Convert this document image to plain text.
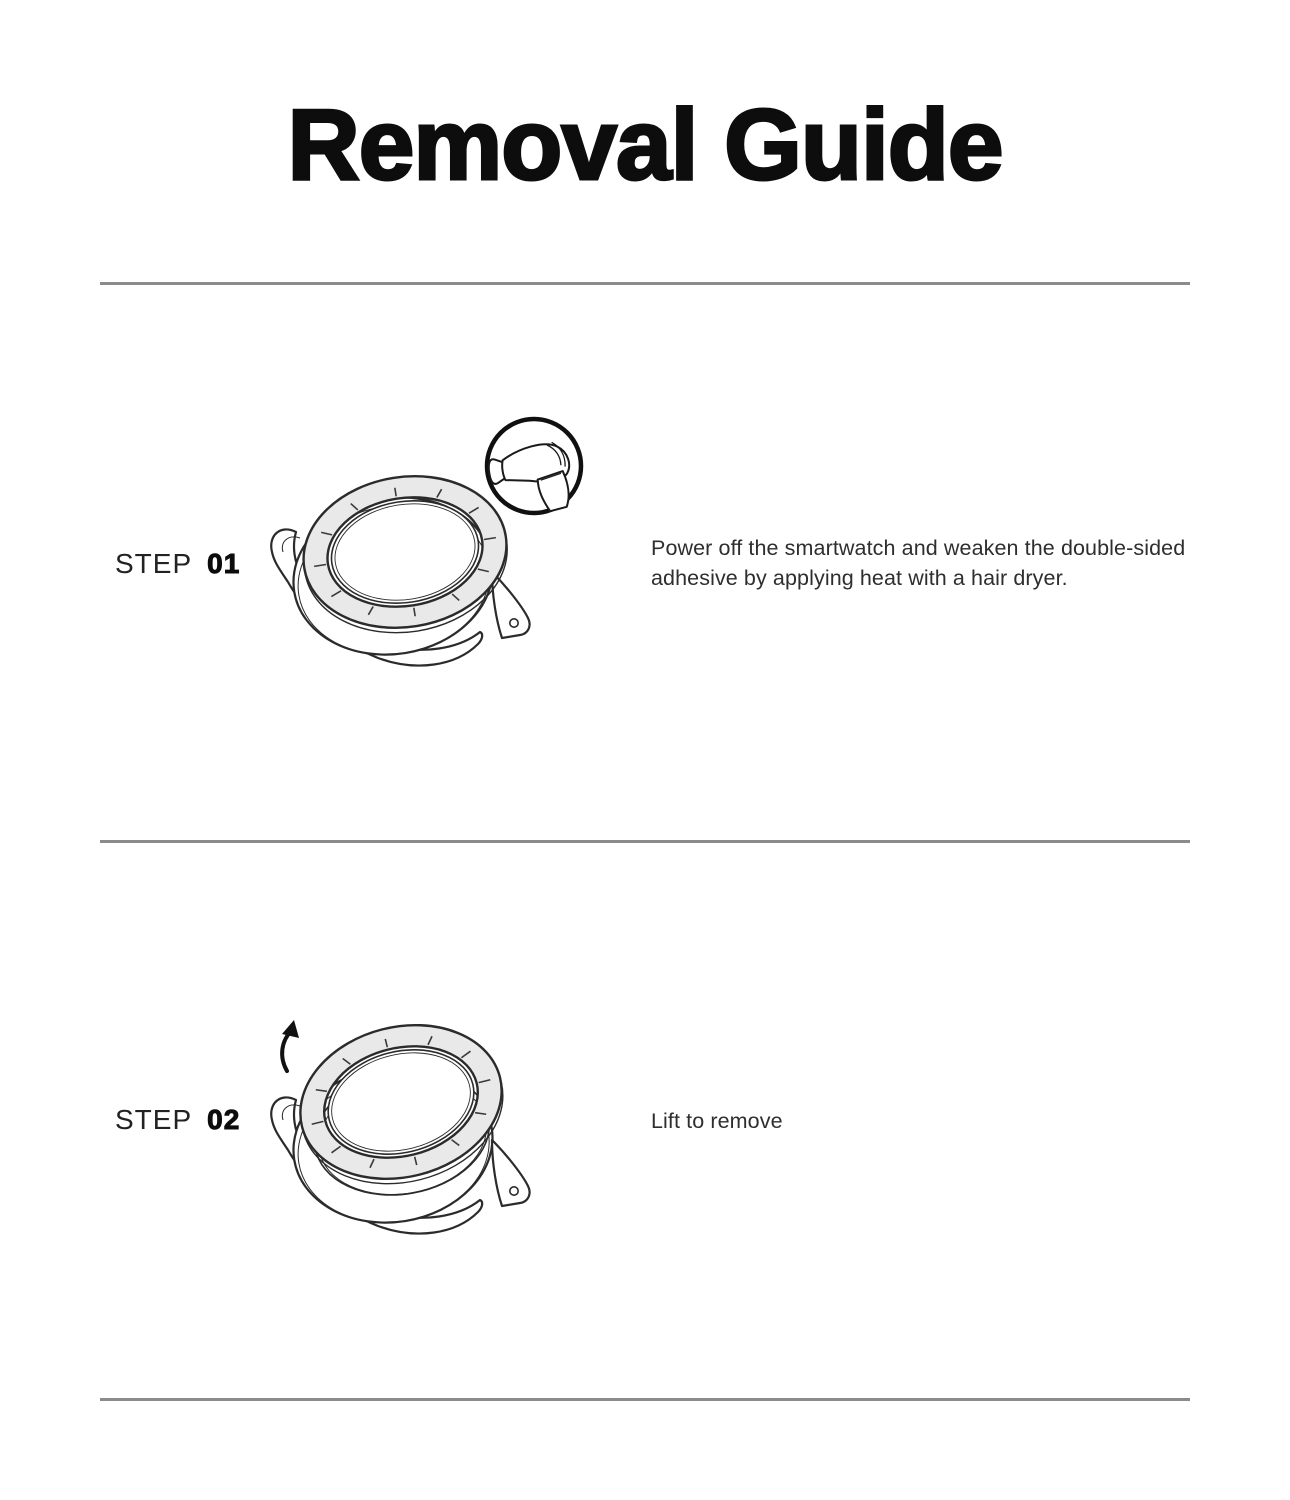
Removal Guide
STEP 01	Power off the smartwatch and weaken the double-sided
adhesive by applying heat with a hair dryer.
STEP 02	Lift to remove
